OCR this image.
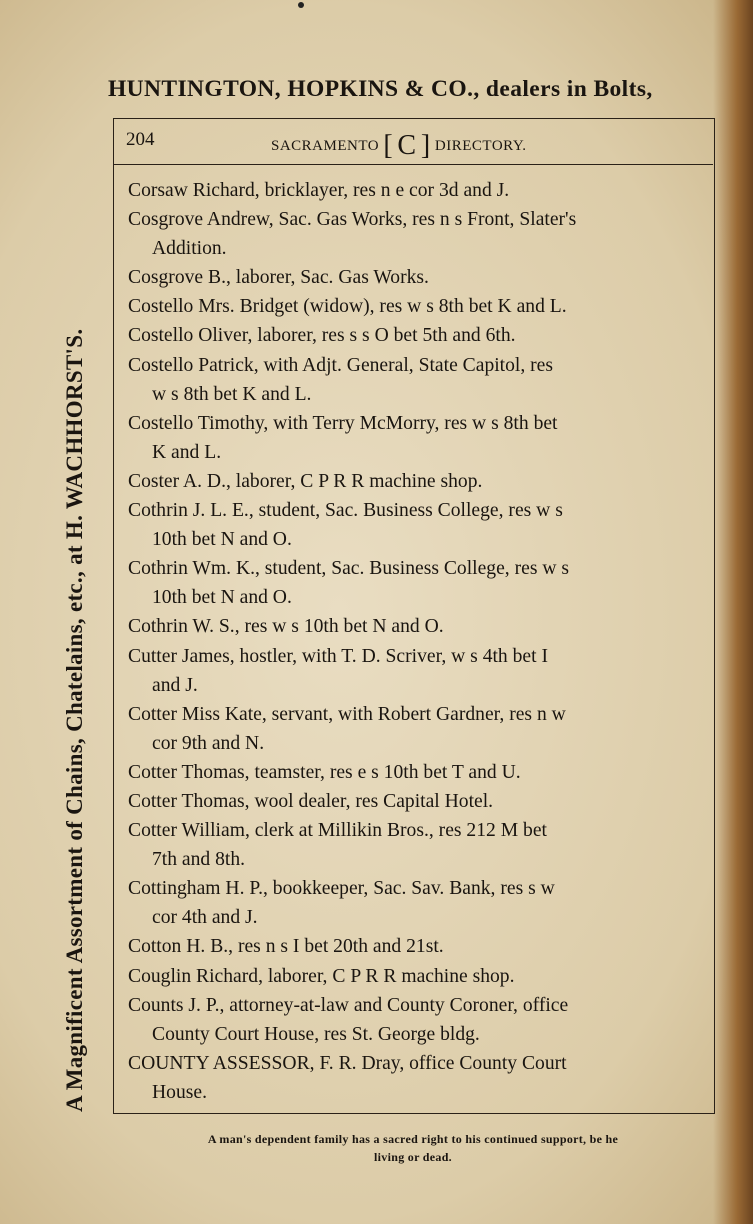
HUNTINGTON, HOPKINS & CO., dealers in Bolts,
A Magnificent Assortment of Chains, Chatelains, etc., at H. WACHHORST'S.
204	SACRAMENTO [ C ] DIRECTORY.
Corsaw Richard, bricklayer, res n e cor 3d and J.
Cosgrove Andrew, Sac. Gas Works, res n s Front, Slater's
Addition.
Cosgrove B., laborer, Sac. Gas Works.
Costello Mrs. Bridget (widow), res w s 8th bet K and L.
Costello Oliver, laborer, res s s O bet 5th and 6th.
Costello Patrick, with Adjt. General, State Capitol, res
w s 8th bet K and L.
Costello Timothy, with Terry McMorry, res w s 8th bet
K and L.
Coster A. D., laborer, C P R R machine shop.
Cothrin J. L. E., student, Sac. Business College, res w s
10th bet N and O.
Cothrin Wm. K., student, Sac. Business College, res w s
10th bet N and O.
Cothrin W. S., res w s 10th bet N and O.
Cutter James, hostler, with T. D. Scriver, w s 4th bet I
and J.
Cotter Miss Kate, servant, with Robert Gardner, res n w
cor 9th and N.
Cotter Thomas, teamster, res e s 10th bet T and U.
Cotter Thomas, wool dealer, res Capital Hotel.
Cotter William, clerk at Millikin Bros., res 212 M bet
7th and 8th.
Cottingham H. P., bookkeeper, Sac. Sav. Bank, res s w
cor 4th and J.
Cotton H. B., res n s I bet 20th and 21st.
Couglin Richard, laborer, C P R R machine shop.
Counts J. P., attorney-at-law and County Coroner, office
County Court House, res St. George bldg.
COUNTY ASSESSOR, F. R. Dray, office County Court
House.
A man's dependent family has a sacred right to his continued support, be he
living or dead.
